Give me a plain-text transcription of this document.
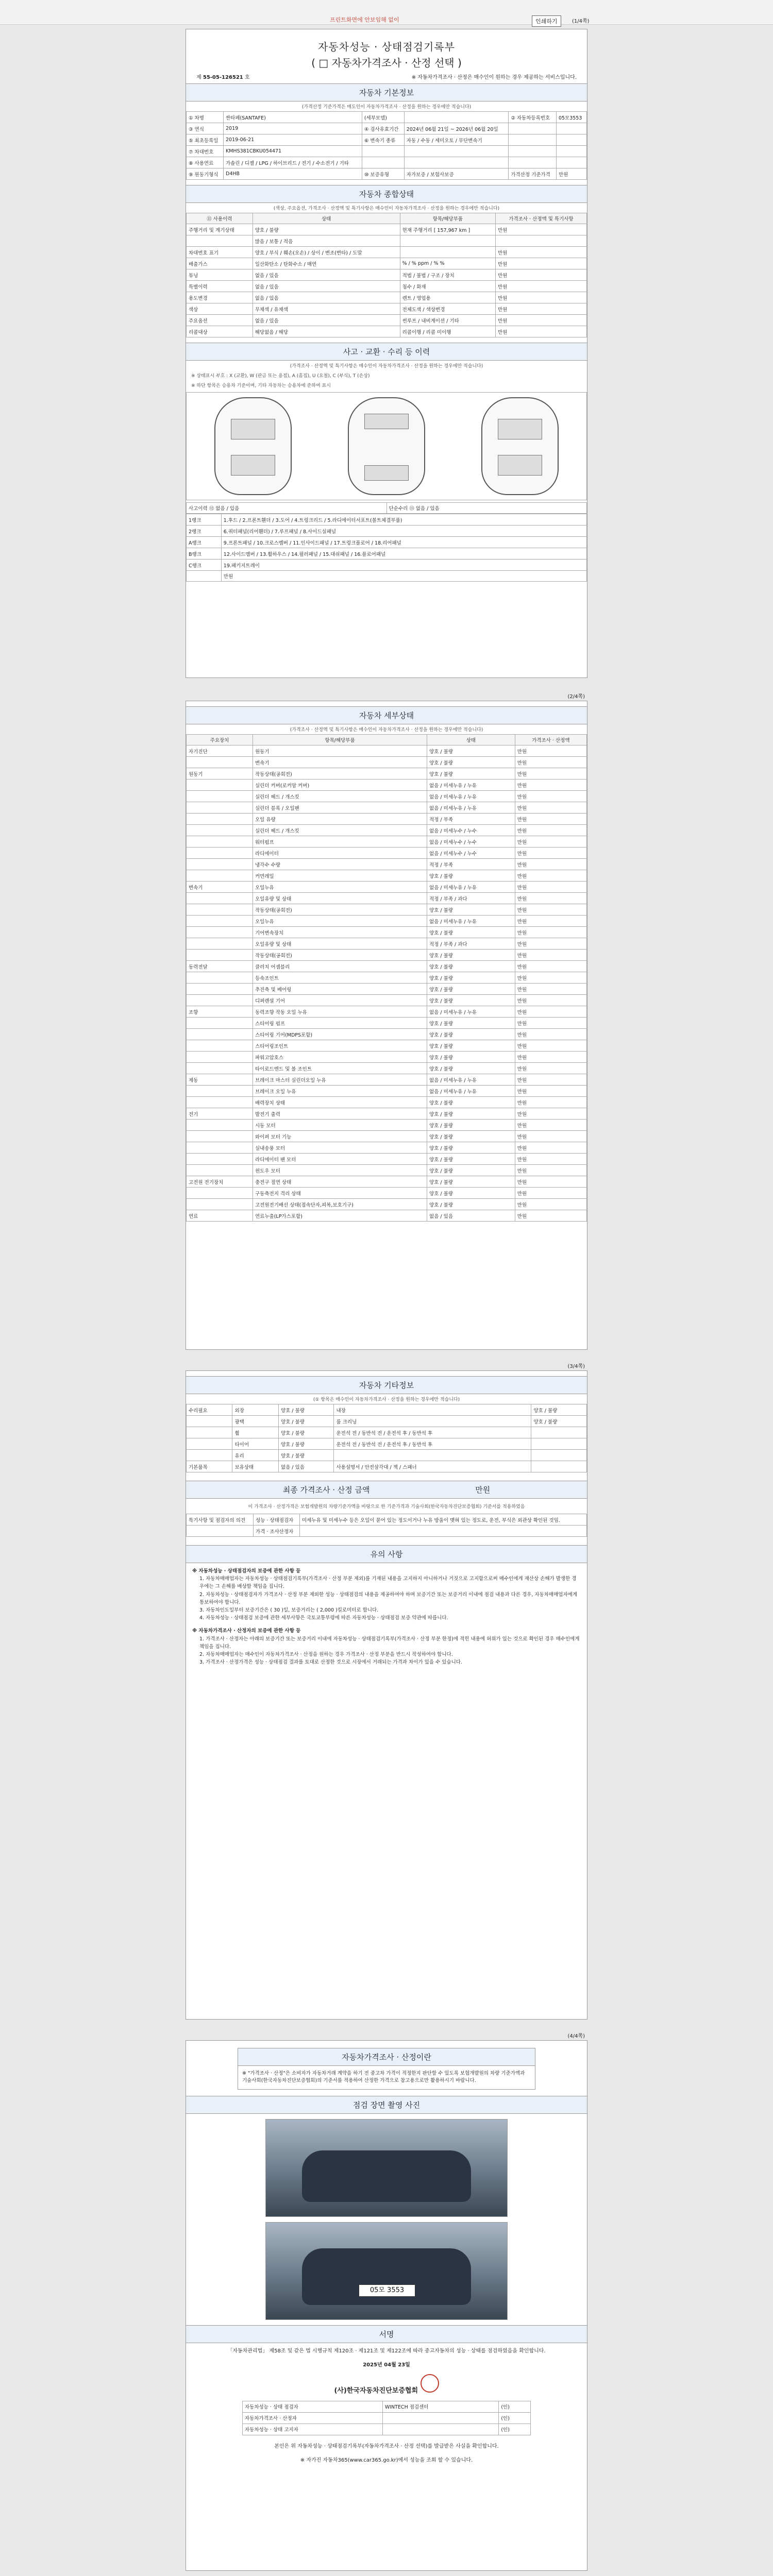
프린트화면에 안보임해 없이	인쇄하기	(1/4쪽)
자동차성능 · 상태점검기록부
( □ 자동차가격조사 · 산정 선택 )
제 55-05-126521 호	※ 자동차가격조사 · 산정은 매수인이 원하는 경우 제공하는 서비스입니다.
자동차 기본정보
(가격산정 기준가격은 매도인이 자동차가격조사 · 산정을 원하는 경우에만 적습니다)
① 차명	싼타페(SANTAFE)	(세부모델)		② 자동차등록번호	05모3553
③ 연식	2019	④ 검사유효기간	2024년 06월 21일 ~ 2026년 06월 20일		
⑤ 최초등록일	2019-06-21	⑥ 변속기 종류	자동 / 수동 / 세미오토 / 무단변속기		
⑦ 차대번호	KMHS381CBKU054471				
⑧ 사용연료	가솔린 / 디젤 / LPG / 하이브리드 / 전기 / 수소전기 / 기타				
⑨ 원동기형식	D4HB	⑩ 보증유형	자가보증 / 보험사보증	가격산정 기준가격	만원
자동차 종합상태
(색상, 주요옵션, 가격조사 · 산정액 및 특기사항은 매수인이 자동차가격조사 · 산정을 원하는 경우에만 적습니다)
⑪ 사용이력	상태	항목/해당부품	가격조사 · 산정액 및 특기사항
주행거리 및 계기상태	양호 / 불량	현재 주행거리 [ 157,967 km ]	만원
	많음 / 보통 / 적음		
차대번호 표기	양호 / 부식 / 훼손(오손) / 상이 / 변조(변타) / 도말		만원
배출가스	일산화탄소 / 탄화수소 / 매연	% / % ppm / % %	만원
튜닝	없음 / 있음	적법 / 불법 / 구조 / 장치	만원
특별이력	없음 / 있음	침수 / 화재	만원
용도변경	없음 / 있음	렌트 / 영업용	만원
색상	무채색 / 유채색	전체도색 / 색상변경	만원
주요옵션	없음 / 있음	썬루프 / 내비게이션 / 기타	만원
리콜대상	해당없음 / 해당	리콜이행 / 리콜 미이행	만원
사고 · 교환 · 수리 등 이력
(가격조사 · 산정액 및 특기사항은 매수인이 자동차가격조사 · 산정을 원하는 경우에만 적습니다)
※ 상태표시 부호 : X (교환), W (판금 또는 용접), A (흠집), U (요철), C (부식), T (손상)
※ 하단 항목은 승용차 기준이며, 기타 자동차는 승용차에 준하여 표시
사고이력 ⑫ 없음 / 있음	단순수리 ⑬ 없음 / 있음
1랭크	1.후드 / 2.프론트휀더 / 3.도어 / 4.트렁크리드 / 5.라디에이터서포트(볼트체결부품)
2랭크	6.쿼터패널(리어휀더) / 7.루프패널 / 8.사이드실패널
A랭크	9.프론트패널 / 10.크로스멤버 / 11.인사이드패널 / 17.트렁크플로어 / 18.리어패널
B랭크	12.사이드멤버 / 13.휠하우스 / 14.필러패널 / 15.대쉬패널 / 16.플로어패널
C랭크	19.패키지트레이
	만원
(2/4쪽)
자동차 세부상태
(가격조사 · 산정액 및 특기사항은 매수인이 자동차가격조사 · 산정을 원하는 경우에만 적습니다)
주요장치	항목/해당부품	상태	가격조사 · 산정액
자기진단	원동기	양호 / 불량	만원
	변속기	양호 / 불량	만원
원동기	작동상태(공회전)	양호 / 불량	만원
	실린더 커버(로커암 커버)	없음 / 미세누유 / 누유	만원
	실린더 헤드 / 개스킷	없음 / 미세누유 / 누유	만원
	실린더 블록 / 오일팬	없음 / 미세누유 / 누유	만원
	오일 유량	적정 / 부족	만원
	실린더 헤드 / 개스킷	없음 / 미세누수 / 누수	만원
	워터펌프	없음 / 미세누수 / 누수	만원
	라디에이터	없음 / 미세누수 / 누수	만원
	냉각수 수량	적정 / 부족	만원
	커먼레일	양호 / 불량	만원
변속기	오일누유	없음 / 미세누유 / 누유	만원
	오일유량 및 상태	적정 / 부족 / 과다	만원
	작동상태(공회전)	양호 / 불량	만원
	오일누유	없음 / 미세누유 / 누유	만원
	기어변속장치	양호 / 불량	만원
	오일유량 및 상태	적정 / 부족 / 과다	만원
	작동상태(공회전)	양호 / 불량	만원
동력전달	클러치 어셈블리	양호 / 불량	만원
	등속조인트	양호 / 불량	만원
	추진축 및 베어링	양호 / 불량	만원
	디퍼렌셜 기어	양호 / 불량	만원
조향	동력조향 작동 오일 누유	없음 / 미세누유 / 누유	만원
	스티어링 펌프	양호 / 불량	만원
	스티어링 기어(MDPS포함)	양호 / 불량	만원
	스티어링조인트	양호 / 불량	만원
	파워고압호스	양호 / 불량	만원
	타이로드엔드 및 볼 조인트	양호 / 불량	만원
제동	브레이크 마스터 실린더오일 누유	없음 / 미세누유 / 누유	만원
	브레이크 오일 누유	없음 / 미세누유 / 누유	만원
	배력장치 상태	양호 / 불량	만원
전기	발전기 출력	양호 / 불량	만원
	시동 모터	양호 / 불량	만원
	와이퍼 모터 기능	양호 / 불량	만원
	실내송풍 모터	양호 / 불량	만원
	라디에이터 팬 모터	양호 / 불량	만원
	윈도우 모터	양호 / 불량	만원
고전원 전기장치	충전구 절연 상태	양호 / 불량	만원
	구동축전지 격리 상태	양호 / 불량	만원
	고전원전기배선 상태(접속단자,피복,보호기구)	양호 / 불량	만원
연료	연료누출(LP가스포함)	없음 / 있음	만원
(3/4쪽)
자동차 기타정보
(① 항목은 매수인이 자동차가격조사 · 산정을 원하는 경우에만 적습니다)
수리필요	외장	양호 / 불량	내장	양호 / 불량
	광택	양호 / 불량	룸 크리닝	양호 / 불량
	휠	양호 / 불량	운전석 전 / 동반석 전 / 운전석 후 / 동반석 후	
	타이어	양호 / 불량	운전석 전 / 동반석 전 / 운전석 후 / 동반석 후	
	유리	양호 / 불량		
기본품목	보유상태	없음 / 있음	사용설명서 / 안전삼각대 / 잭 / 스패너	
최종 가격조사 · 산정 금액	만원
이 가격조사 · 산정가격은 보험개발원의 차량기준가액을 바탕으로 한 기준가격과 기술사회(한국자동차진단보증협회) 기준서를 적용하였음
특기사항 및 점검자의 의견	성능 · 상태점검자	미세누유 및 미세누수 등은 오일이 묻어 있는 정도이거나 누유 방울이 맺혀 있는 정도로, 운전, 부식은 외관상 확인된 것임.
	가격 · 조사산정자	
유의 사항
※ 자동차성능 · 상태점검자의 보증에 관한 사항 등
1. 자동차매매업자는 자동차성능 · 상태점검기록부(가격조사 · 산정 부분 제외)를 기재된 내용을 고지하지 아니하거나 거짓으로 고지함으로써 매수인에게 재산상 손해가 발생한 경우에는 그 손해를 배상할 책임을 집니다.
2. 자동차성능 · 상태점검자가 가격조사 · 산정 부분 제외한 성능 · 상태점검의 내용을 제공하여야 하며 보증기간 또는 보증거리 이내에 점검 내용과 다른 경우, 자동차매매업자에게 통보하여야 합니다.
3. 자동차인도일부터 보증기간은 ( 30 )일, 보증거리는 ( 2,000 )킬로미터로 합니다.
4. 자동차성능 · 상태점검 보증에 관한 세부사항은 국토교통부령에 따른 자동차성능 · 상태점검 보증 약관에 따릅니다.
※ 자동차가격조사 · 산정자의 보증에 관한 사항 등
1. 가격조사 · 산정자는 아래의 보증기간 또는 보증거리 이내에 자동차성능 · 상태점검기록부(가격조사 · 산정 부분 한정)에 적힌 내용에 허위가 있는 것으로 확인된 경우 매수인에게 책임을 집니다.
2. 자동차매매업자는 매수인이 자동차가격조사 · 산정을 원하는 경우 가격조사 · 산정 부분을 반드시 작성하여야 합니다.
3. 가격조사 · 산정가격은 성능 · 상태점검 결과를 토대로 산정한 것으로 시장에서 거래되는 가격과 차이가 있을 수 있습니다.
(4/4쪽)
자동차가격조사 · 산정이란
※ "가격조사 · 산정"은 소비자가 자동차거래 계약을 하기 전 중고차 가격이 적정한지 판단할 수 있도록 보험개발원의 차량 기준가액과 기술사회(한국자동차진단보증협회)의 기준서를 적용하여 산정한 가격으로 참고용으로만 활용하시기 바랍니다.
점검 장면 촬영 사진
05모 3553
서명
「자동차관리법」 제58조 및 같은 법 시행규칙 제120조 · 제121조 및 제122조에 따라 중고자동차의 성능 · 상태를 점검하였음을 확인합니다.
2025년 04월 23일
(사)한국자동차진단보증협회
자동차성능 · 상태 점검자	WINTECH 점검센터	(인)
자동차가격조사 · 산정자		(인)
자동차성능 · 상태 고지자		(인)
본인은 위 자동차성능 · 상태점검기록부(자동차가격조사 · 산정 선택)를 발급받은 사실을 확인합니다.
※ 자가진 자동차365(www.car365.go.kr)에서 성능을 조회 할 수 있습니다.
